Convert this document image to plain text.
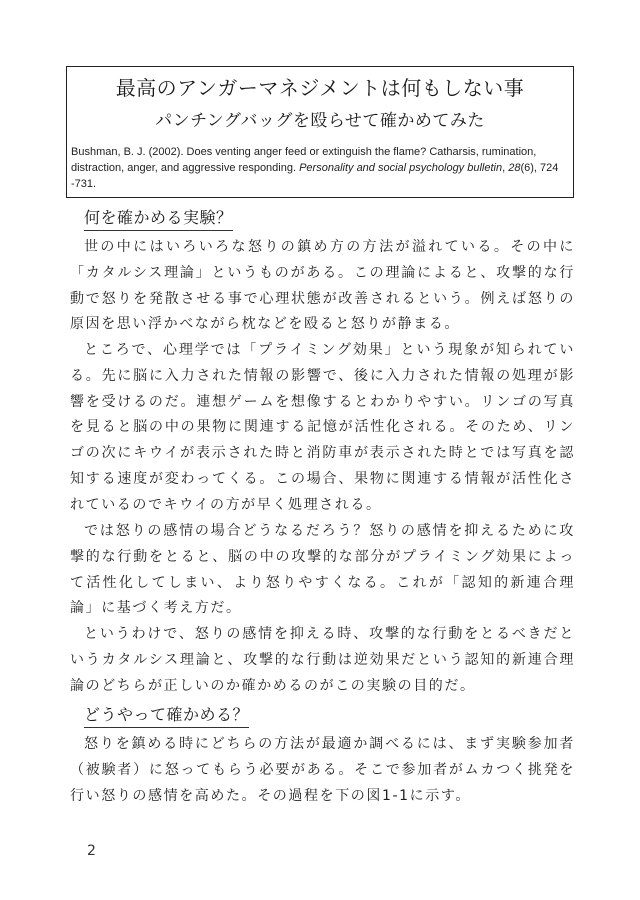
最高のアンガーマネジメントは何もしない事
パンチングバッグを殴らせて確かめてみた
Bushman, B. J. (2002). Does venting anger feed or extinguish the flame? Catharsis, rumination, distraction, anger, and aggressive responding. Personality and social psychology bulletin, 28(6), 724 -731.
何を確かめる実験？

世の中にはいろいろな怒りの鎮め方の方法が溢れている。その中に「カタルシス理論」というものがある。この理論によると、攻撃的な行動で怒りを発散させる事で心理状態が改善されるという。例えば怒りの原因を思い浮かべながら枕などを殴ると怒りが静まる。

ところで、心理学では「プライミング効果」という現象が知られている。先に脳に入力された情報の影響で、後に入力された情報の処理が影響を受けるのだ。連想ゲームを想像するとわかりやすい。リンゴの写真を見ると脳の中の果物に関連する記憶が活性化される。そのため、リンゴの次にキウイが表示された時と消防車が表示された時とでは写真を認知する速度が変わってくる。この場合、果物に関連する情報が活性化されているのでキウイの方が早く処理される。

では怒りの感情の場合どうなるだろう？怒りの感情を抑えるために攻撃的な行動をとると、脳の中の攻撃的な部分がプライミング効果によって活性化してしまい、より怒りやすくなる。これが「認知的新連合理論」に基づく考え方だ。

というわけで、怒りの感情を抑える時、攻撃的な行動をとるべきだというカタルシス理論と、攻撃的な行動は逆効果だという認知的新連合理論のどちらが正しいのか確かめるのがこの実験の目的だ。

どうやって確かめる？

怒りを鎮める時にどちらの方法が最適か調べるには、まず実験参加者（被験者）に怒ってもらう必要がある。そこで参加者がムカつく挑発を行い怒りの感情を高めた。その過程を下の図1-1に示す。

2
